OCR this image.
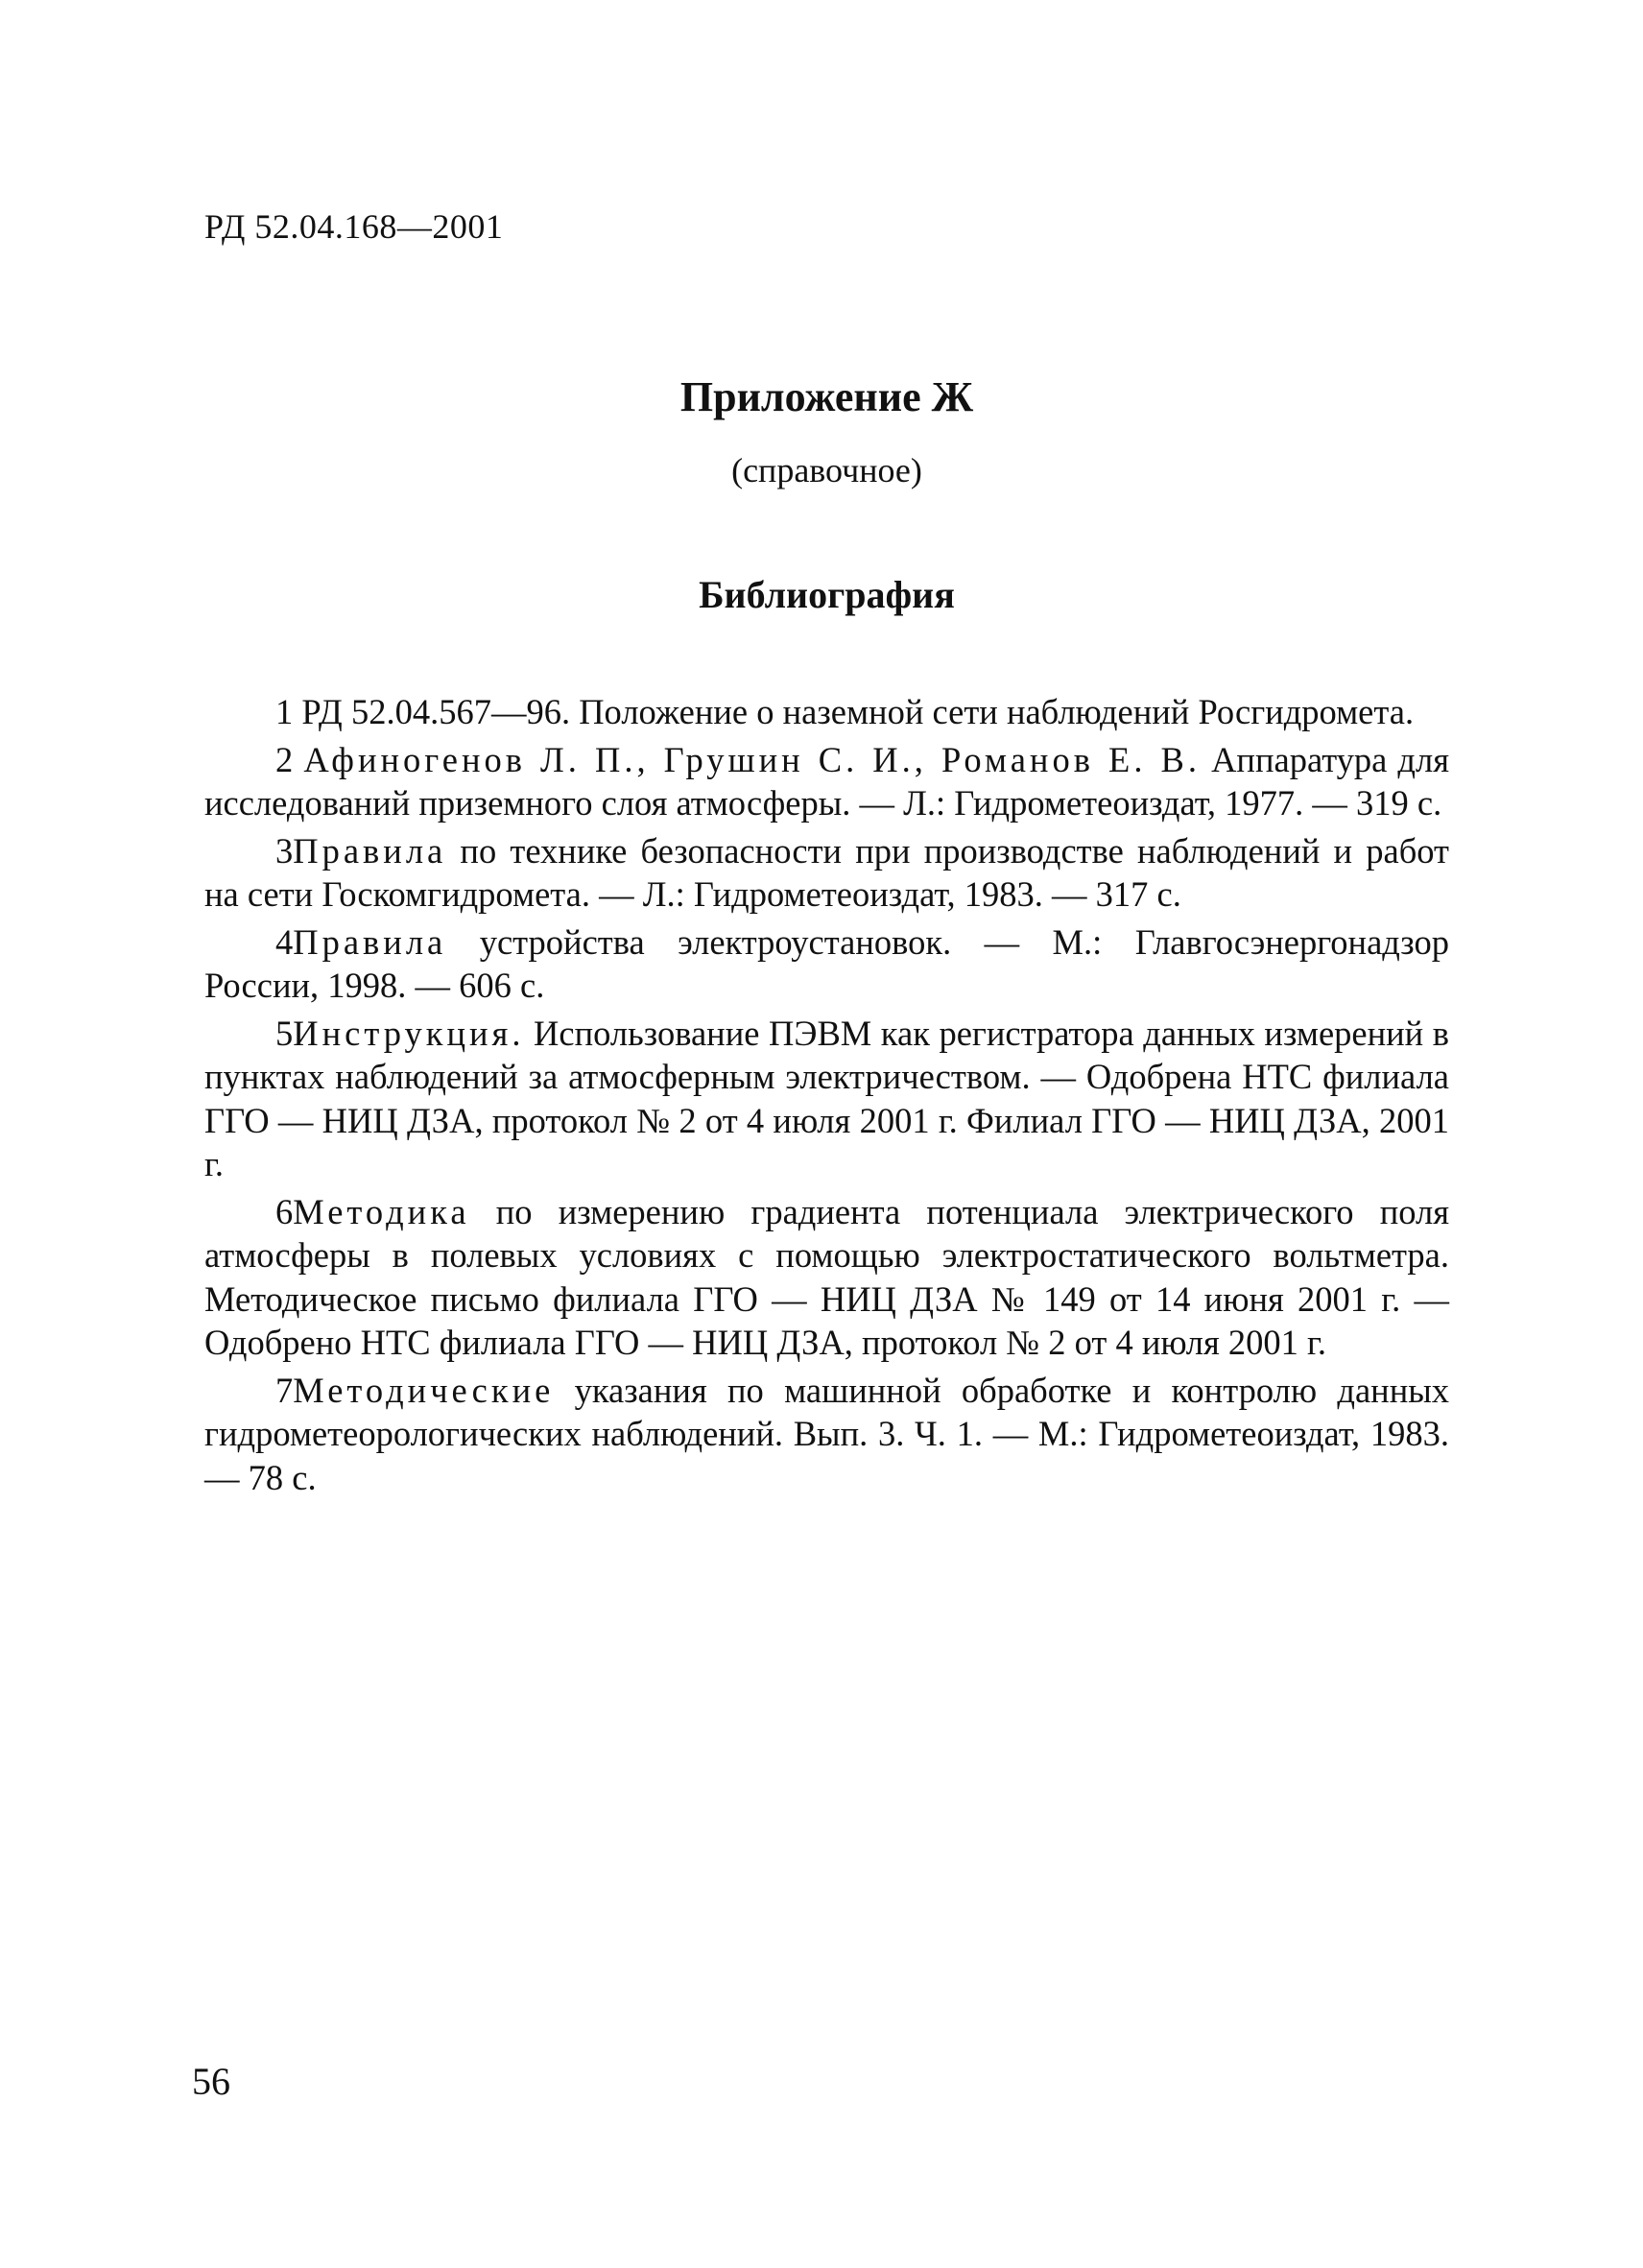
РД 52.04.168—2001
Приложение Ж
(справочное)
Библиография

1 РД 52.04.567—96. Положение о наземной сети наблюдений Росгидромета.

2 Афиногенов Л. П., Грушин С. И., Романов Е. В. Аппаратура для исследований приземного слоя атмосферы. — Л.: Гидрометеоиздат, 1977. — 319 с.

3Правила по технике безопасности при производстве наблюдений и работ на сети Госкомгидромета. — Л.: Гидрометеоиздат, 1983. — 317 с.

4Правила устройства электроустановок. — М.: Главгосэнергонадзор России, 1998. — 606 с.

5Инструкция. Использование ПЭВМ как регистратора данных измерений в пунктах наблюдений за атмосферным электричеством. — Одобрена НТС филиала ГГО — НИЦ ДЗА, протокол № 2 от 4 июля 2001 г. Филиал ГГО — НИЦ ДЗА, 2001 г.

6Методика по измерению градиента потенциала электрического поля атмосферы в полевых условиях с помощью электростатического вольтметра. Методическое письмо филиала ГГО — НИЦ ДЗА № 149 от 14 июня 2001 г. — Одобрено НТС филиала ГГО — НИЦ ДЗА, протокол № 2 от 4 июля 2001 г.

7Методические указания по машинной обработке и контролю данных гидрометеорологических наблюдений. Вып. 3. Ч. 1. — М.: Гидрометеоиздат, 1983. — 78 с.

56
